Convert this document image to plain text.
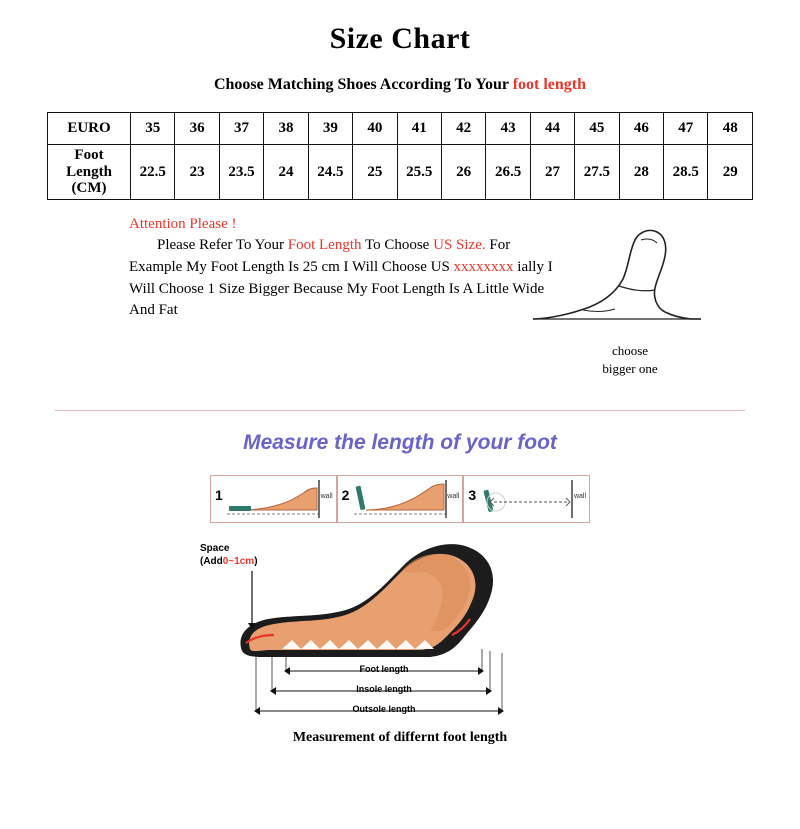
Size Chart
Choose Matching Shoes According To Your foot length
EURO	35	36	37	38	39	40	41	42	43	44	45	46	47	48

Foot
Length
(CM)	22.5	23	23.5	24	24.5	25	25.5	26	26.5	27	27.5	28	28.5	29
Attention Please !
Please Refer To Your Foot Length To Choose US Size. For Example My Foot Length Is 25 cm I Will Choose US xxxxxxxx ially I Will Choose 1 Size Bigger Because My Foot Length Is A Little Wide And Fat
choose
bigger one
Measure the length of your foot
1	wall 2	wall 3	wall
Space
(Add0~1cm)
Foot length
Insole length
Outsole length
Measurement of differnt foot length
